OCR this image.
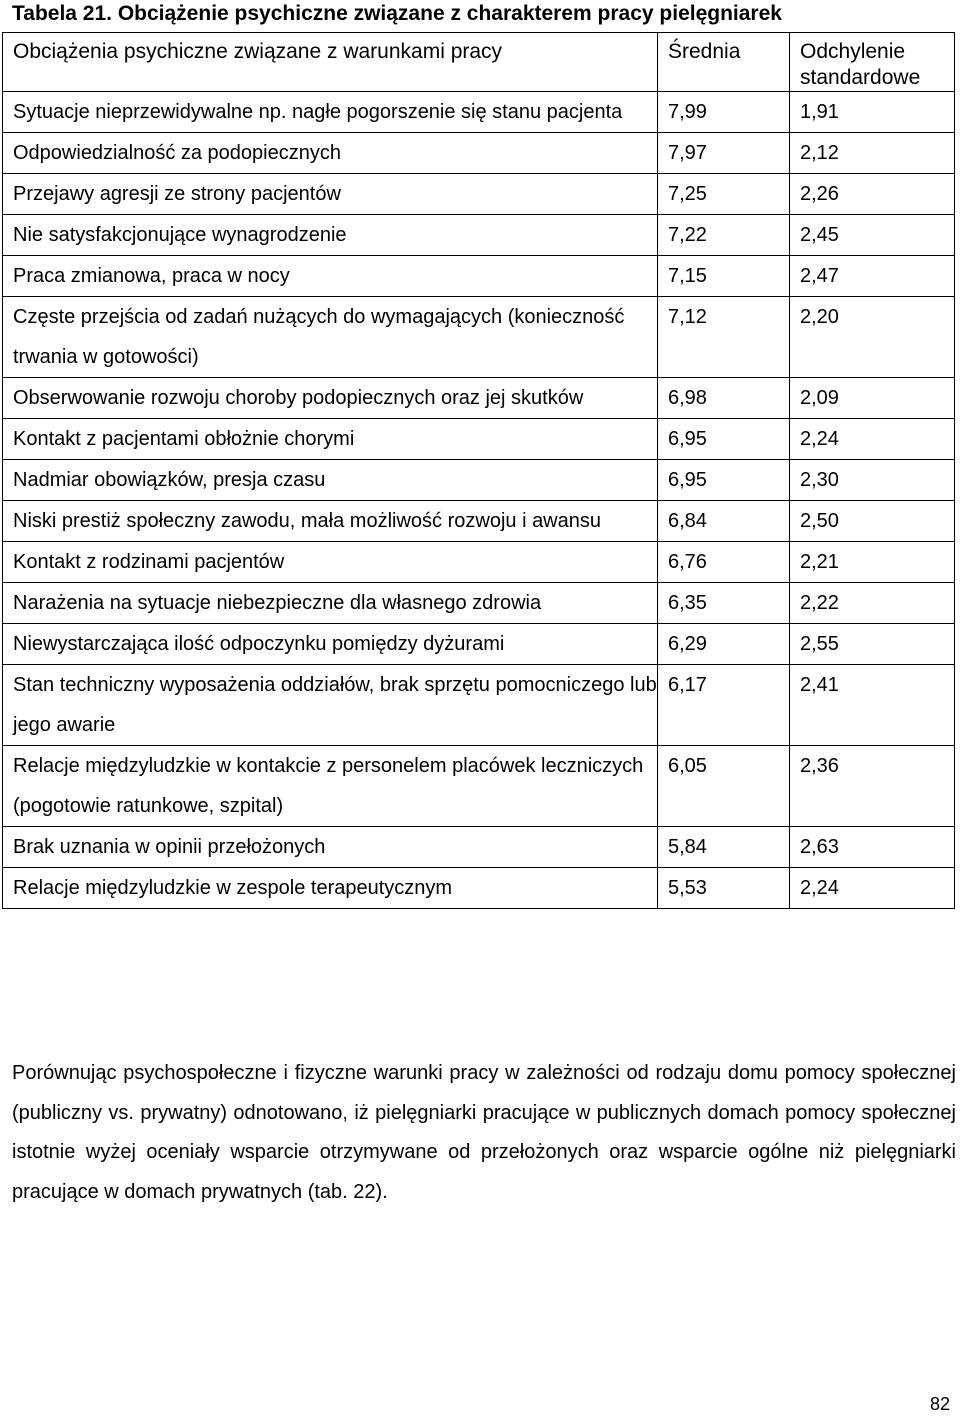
Tabela 21. Obciążenie psychiczne związane z charakterem pracy pielęgniarek
Obciążenia psychiczne związane z warunkami pracy	Średnia	Odchylenie standardowe
Sytuacje nieprzewidywalne np. nagłe pogorszenie się stanu pacjenta	7,99	1,91
Odpowiedzialność za podopiecznych	7,97	2,12
Przejawy agresji ze strony pacjentów	7,25	2,26
Nie satysfakcjonujące wynagrodzenie	7,22	2,45
Praca zmianowa, praca w nocy	7,15	2,47
Częste przejścia od zadań nużących do wymagających (konieczność trwania w gotowości)	7,12	2,20
Obserwowanie rozwoju choroby podopiecznych oraz jej skutków	6,98	2,09
Kontakt z pacjentami obłożnie chorymi	6,95	2,24
Nadmiar obowiązków, presja czasu	6,95	2,30
Niski prestiż społeczny zawodu, mała możliwość rozwoju i awansu	6,84	2,50
Kontakt z rodzinami pacjentów	6,76	2,21
Narażenia na sytuacje niebezpieczne dla własnego zdrowia	6,35	2,22
Niewystarczająca ilość odpoczynku pomiędzy dyżurami	6,29	2,55
Stan techniczny wyposażenia oddziałów, brak sprzętu pomocniczego lub jego awarie	6,17	2,41
Relacje międzyludzkie w kontakcie z personelem placówek leczniczych (pogotowie ratunkowe, szpital)	6,05	2,36
Brak uznania w opinii przełożonych	5,84	2,63
Relacje międzyludzkie w zespole terapeutycznym	5,53	2,24

Porównując psychospołeczne i fizyczne warunki pracy w zależności od rodzaju domu pomocy społecznej (publiczny vs. prywatny) odnotowano, iż pielęgniarki pracujące w publicznych domach pomocy społecznej istotnie wyżej oceniały wsparcie otrzymywane od przełożonych oraz wsparcie ogólne niż pielęgniarki pracujące w domach prywatnych (tab. 22).

82
